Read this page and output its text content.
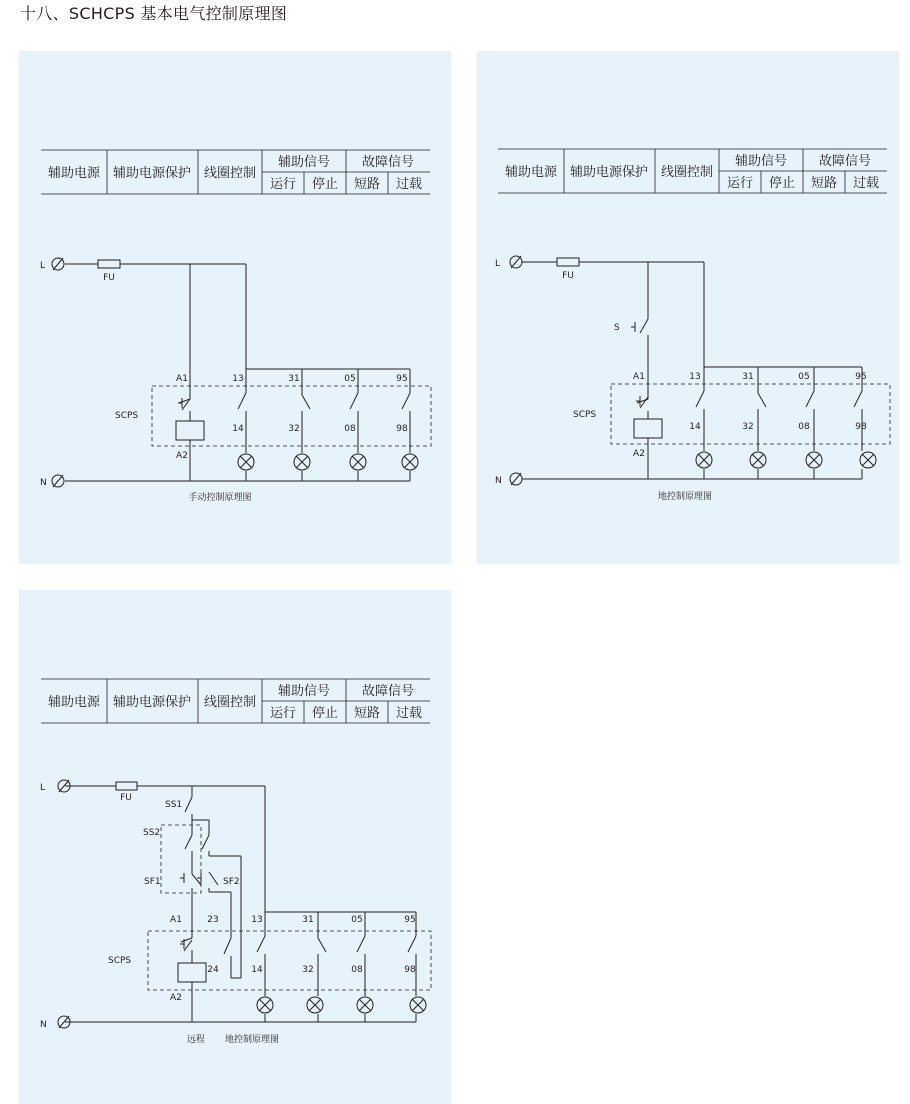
十八、SCHCPS 基本电气控制原理图
辅助电源 辅助电源保护 线圈控制
辅助信号 故障信号
运行 停止 短路 过载
L
N
FU
SCPS
A1
A2
13	31	05	95
14	32	08	98
手动控制原理图
辅助电源 辅助电源保护 线圈控制
辅助信号 故障信号
运行 停止 短路 过载
L
N
FU
S
SCPS
A1
A2
13	31	05	95
14	32	08	98
地控制原理图
辅助电源 辅助电源保护 线圈控制
辅助信号 故障信号
运行 停止 短路 过载
L
N
FU
SS1
SS2
SF1	SF2
SCPS
A1
A2
23
24
13	31	05	95
14	32	08	98
远程 地控制原理图
